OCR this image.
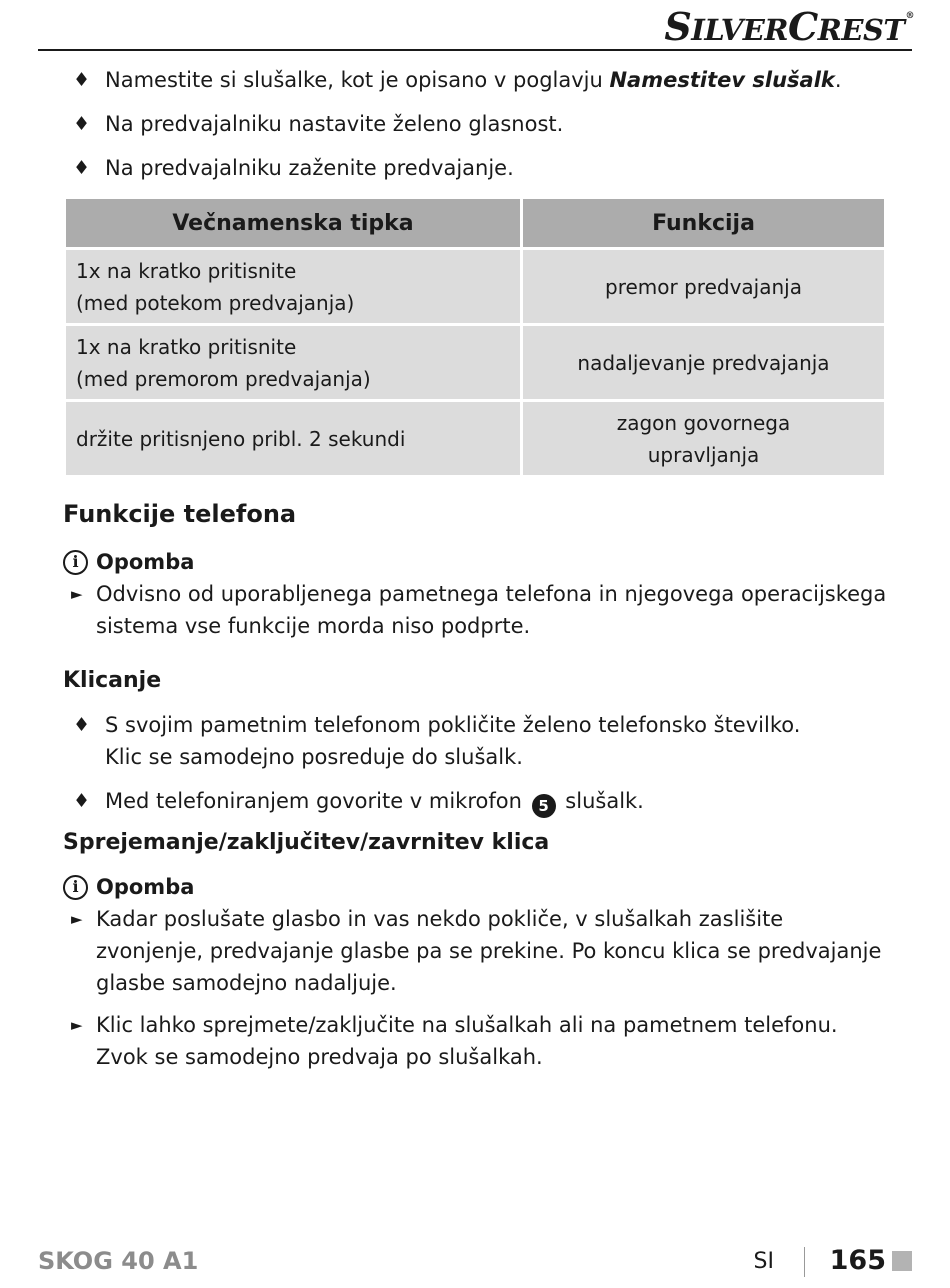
SILVERCREST®
♦ Namestite si slušalke, kot je opisano v poglavju Namestitev slušalk.
♦ Na predvajalniku nastavite želeno glasnost.
♦ Na predvajalniku zaženite predvajanje.
Večnamenska tipka	Funkcija
1x na kratko pritisnite
(med potekom predvajanja)	premor predvajanja
1x na kratko pritisnite
(med premorom predvajanja)	nadaljevanje predvajanja
držite pritisnjeno pribl. 2 sekundi	zagon govornega
upravljanja
Funkcije telefona
i Opomba
► Odvisno od uporabljenega pametnega telefona in njegovega operacijskega sistema vse funkcije morda niso podprte.
Klicanje
♦ S svojim pametnim telefonom pokličite želeno telefonsko številko.
Klic se samodejno posreduje do slušalk.
♦ Med telefoniranjem govorite v mikrofon 5 slušalk.
Sprejemanje/zaključitev/zavrnitev klica
i Opomba
► Kadar poslušate glasbo in vas nekdo pokliče, v slušalkah zaslišite zvonjenje, predvajanje glasbe pa se prekine. Po koncu klica se predvajanje glasbe samodejno nadaljuje.
► Klic lahko sprejmete/zaključite na slušalkah ali na pametnem telefonu. Zvok se samodejno predvaja po slušalkah.
SKOG 40 A1	SI 165
